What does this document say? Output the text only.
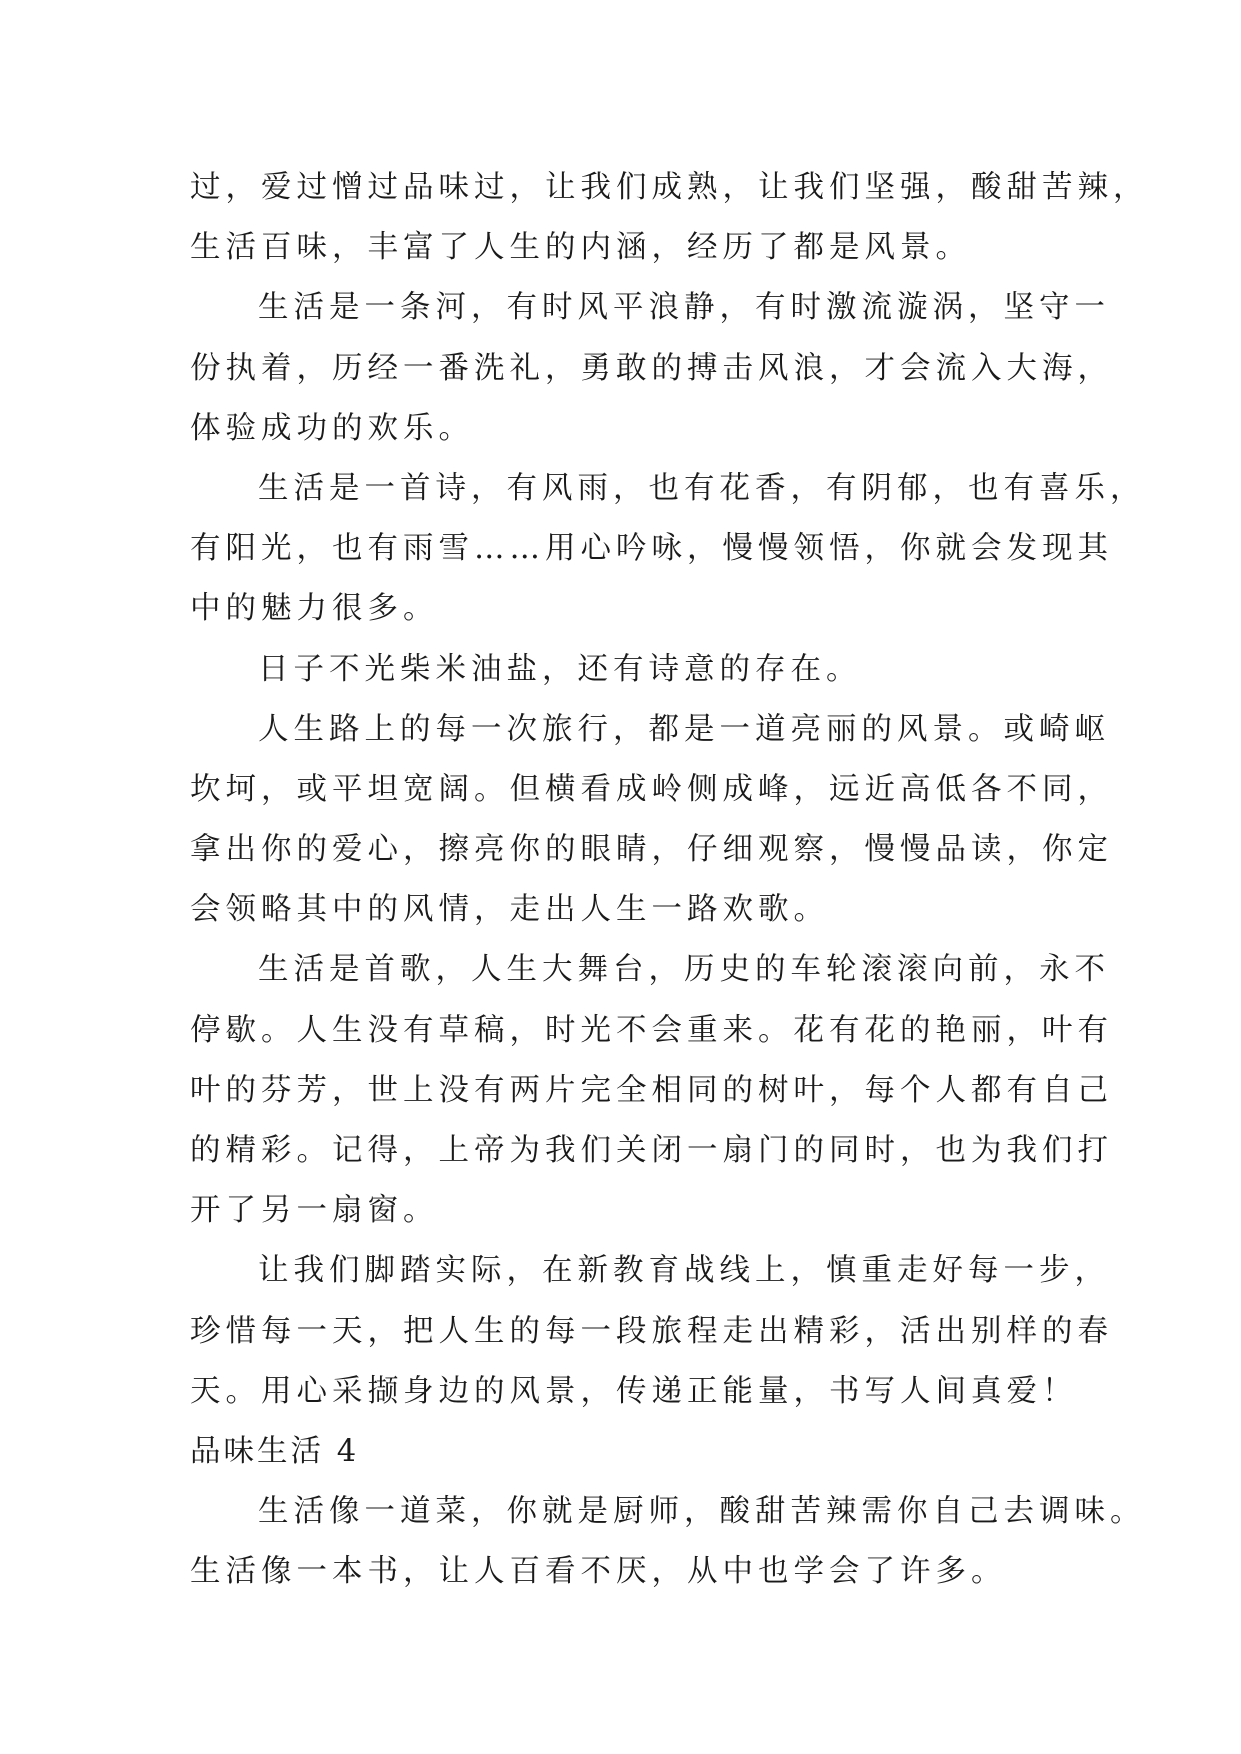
过，爱过憎过品味过，让我们成熟，让我们坚强，酸甜苦辣，
生活百味，丰富了人生的内涵，经历了都是风景。
生活是一条河，有时风平浪静，有时激流漩涡，坚守一
份执着，历经一番洗礼，勇敢的搏击风浪，才会流入大海，
体验成功的欢乐。
生活是一首诗，有风雨，也有花香，有阴郁，也有喜乐，
有阳光，也有雨雪……用心吟咏，慢慢领悟，你就会发现其
中的魅力很多。
日子不光柴米油盐，还有诗意的存在。
人生路上的每一次旅行，都是一道亮丽的风景。或崎岖
坎坷，或平坦宽阔。但横看成岭侧成峰，远近高低各不同，
拿出你的爱心，擦亮你的眼睛，仔细观察，慢慢品读，你定
会领略其中的风情，走出人生一路欢歌。
生活是首歌，人生大舞台，历史的车轮滚滚向前，永不
停歇。人生没有草稿，时光不会重来。花有花的艳丽，叶有
叶的芬芳，世上没有两片完全相同的树叶，每个人都有自己
的精彩。记得，上帝为我们关闭一扇门的同时，也为我们打
开了另一扇窗。
让我们脚踏实际，在新教育战线上，慎重走好每一步，
珍惜每一天，把人生的每一段旅程走出精彩，活出别样的春
天。用心采撷身边的风景，传递正能量，书写人间真爱！
品味生活 4
生活像一道菜，你就是厨师，酸甜苦辣需你自己去调味。
生活像一本书，让人百看不厌，从中也学会了许多。
